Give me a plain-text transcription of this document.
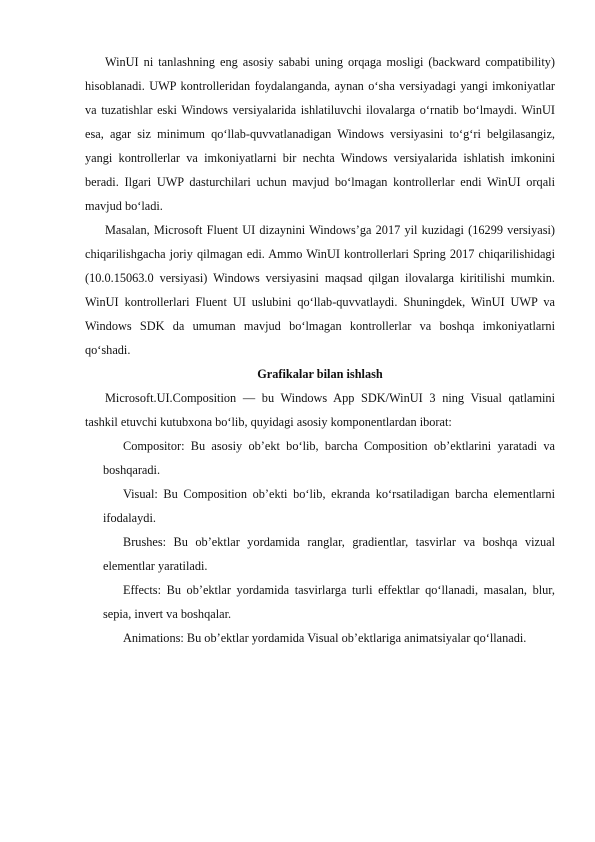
WinUI ni tanlashning eng asosiy sababi uning orqaga mosligi (backward compatibility) hisoblanadi. UWP kontrolleridan foydalanganda, aynan o‘sha versiyadagi yangi imkoniyatlar va tuzatishlar eski Windows versiyalarida ishlatiluvchi ilovalarga o‘rnatib bo‘lmaydi. WinUI esa, agar siz minimum qo‘llab-quvvatlanadigan Windows versiyasini to‘g‘ri belgilasangiz, yangi kontrollerlar va imkoniyatlarni bir nechta Windows versiyalarida ishlatish imkonini beradi. Ilgari UWP dasturchilari uchun mavjud bo‘lmagan kontrollerlar endi WinUI orqali mavjud bo‘ladi.

Masalan, Microsoft Fluent UI dizaynini Windows’ga 2017 yil kuzidagi (16299 versiyasi) chiqarilishgacha joriy qilmagan edi. Ammo WinUI kontrollerlari Spring 2017 chiqarilishidagi (10.0.15063.0 versiyasi) Windows versiyasini maqsad qilgan ilovalarga kiritilishi mumkin. WinUI kontrollerlari Fluent UI uslubini qo‘llab-quvvatlaydi. Shuningdek, WinUI UWP va Windows SDK da umuman mavjud bo‘lmagan kontrollerlar va boshqa imkoniyatlarni qo‘shadi.

Grafikalar bilan ishlash

Microsoft.UI.Composition — bu Windows App SDK/WinUI 3 ning Visual qatlamini tashkil etuvchi kutubxona bo‘lib, quyidagi asosiy komponentlardan iborat:

Compositor: Bu asosiy ob’ekt bo‘lib, barcha Composition ob’ektlarini yaratadi va boshqaradi.
Visual: Bu Composition ob’ekti bo‘lib, ekranda ko‘rsatiladigan barcha elementlarni ifodalaydi.
Brushes: Bu ob’ektlar yordamida ranglar, gradientlar, tasvirlar va boshqa vizual elementlar yaratiladi.
Effects: Bu ob’ektlar yordamida tasvirlarga turli effektlar qo‘llanadi, masalan, blur, sepia, invert va boshqalar.
Animations: Bu ob’ektlar yordamida Visual ob’ektlariga animatsiyalar qo‘llanadi.
